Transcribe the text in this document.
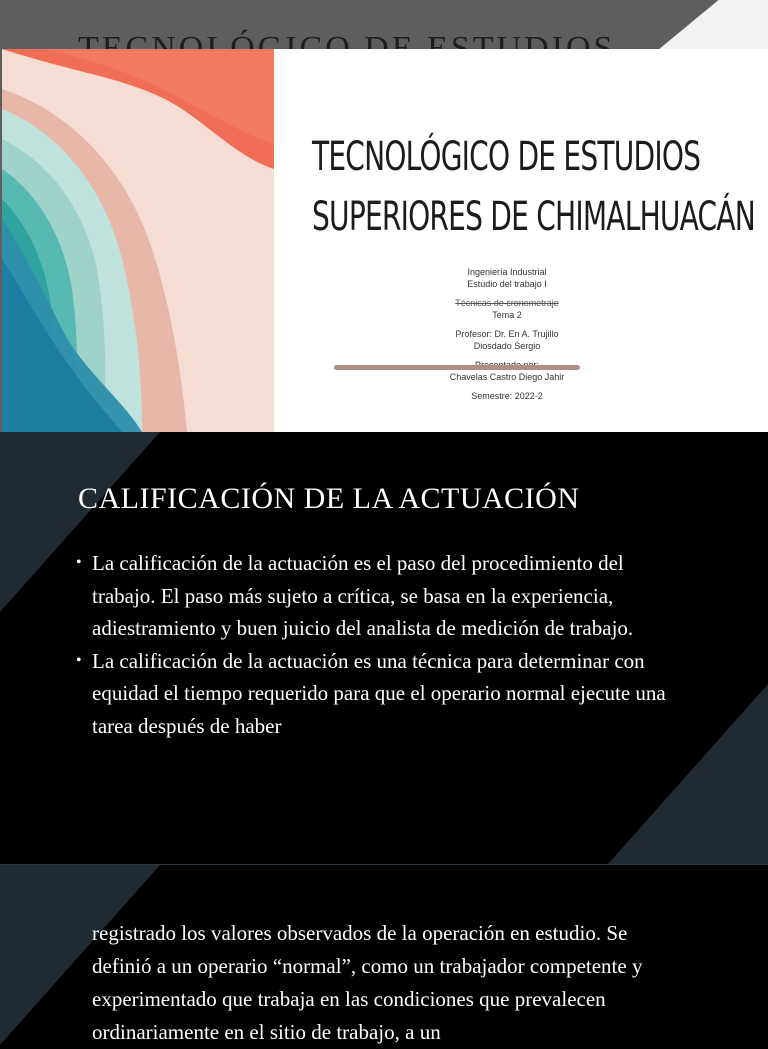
TECNOLÓGICO DE ESTUDIOS
SUPERIORES DE CHIMALHUACÁN
Ingeniería Industrial
Estudio del trabajo I
Técnicas de cronometraje
Tema 2
Profesor: Dr. En A. Trujillo
Diosdado Sergio
Chavelas Castro Diego Jahir
Semestre: 2022-2
CALIFICACIÓN DE LA ACTUACIÓN
• La calificación de la actuación es el paso del procedimiento del trabajo. El paso más sujeto a crítica, se basa en la experiencia, adiestramiento y buen juicio del analista de medición de trabajo.
• La calificación de la actuación es una técnica para determinar con equidad el tiempo requerido para que el operario normal ejecute una tarea después de haber

registrado los valores observados de la operación en estudio. Se definió a un operario “normal”, como un trabajador competente y experimentado que trabaja en las condiciones que prevalecen ordinariamente en el sitio de trabajo, a un
